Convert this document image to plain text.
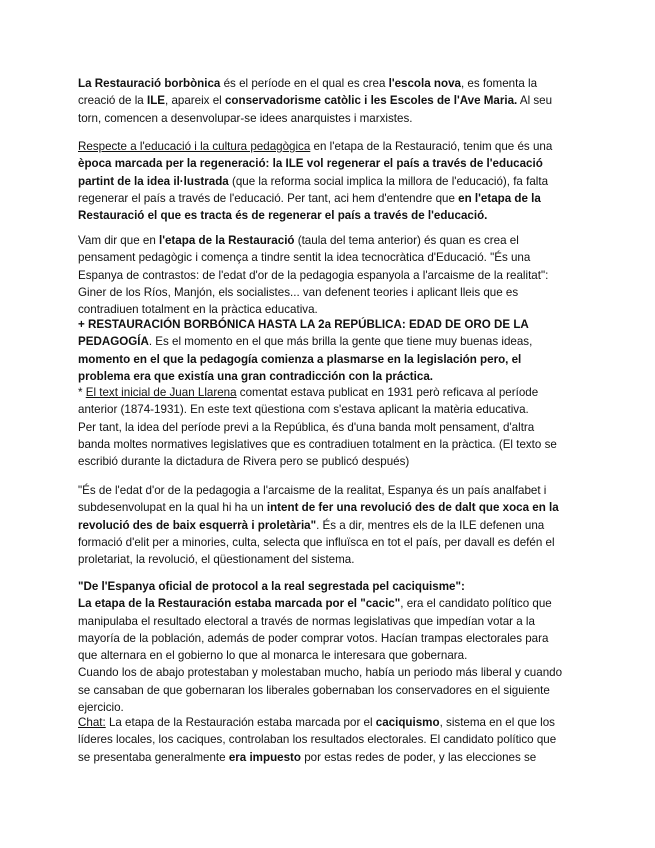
La Restauració borbònica és el període en el qual es crea l'escola nova, es fomenta la creació de la ILE, apareix el conservadorisme catòlic i les Escoles de l'Ave Maria. Al seu torn, comencen a desenvolupar-se idees anarquistes i marxistes.

Respecte a l'educació i la cultura pedagògica en l'etapa de la Restauració, tenim que és una època marcada per la regeneració: la ILE vol regenerar el país a través de l'educació partint de la idea il·lustrada (que la reforma social implica la millora de l'educació), fa falta regenerar el país a través de l'educació. Per tant, aci hem d'entendre que en l'etapa de la Restauració el que es tracta és de regenerar el país a través de l'educació.

Vam dir que en l'etapa de la Restauració (taula del tema anterior) és quan es crea el pensament pedagògic i comença a tindre sentit la idea tecnocràtica d'Educació. "És una Espanya de contrastos: de l'edat d'or de la pedagogia espanyola a l'arcaisme de la realitat": Giner de los Ríos, Manjón, els socialistes... van defenent teories i aplicant lleis que es contradiuen totalment en la pràctica educativa.

+ RESTAURACIÓN BORBÓNICA HASTA LA 2a REPÚBLICA: EDAD DE ORO DE LA PEDAGOGÍA. Es el momento en el que más brilla la gente que tiene muy buenas ideas, momento en el que la pedagogía comienza a plasmarse en la legislación pero, el problema era que existía una gran contradicción con la práctica.

* El text inicial de Juan Llarena comentat estava publicat en 1931 però reficava al període anterior (1874-1931). En este text qüestiona com s'estava aplicant la matèria educativa.
Per tant, la idea del període previ a la República, és d'una banda molt pensament, d'altra banda moltes normatives legislatives que es contradiuen totalment en la pràctica. (El texto se escribió durante la dictadura de Rivera pero se publicó después)

"És de l'edat d'or de la pedagogia a l'arcaisme de la realitat, Espanya és un país analfabet i subdesenvolupat en la qual hi ha un intent de fer una revolució des de dalt que xoca en la revolució des de baix esquerrà i proletària". És a dir, mentres els de la ILE defenen una formació d'elit per a minories, culta, selecta que influïsca en tot el país, per davall es defén el proletariat, la revolució, el qüestionament del sistema.

"De l'Espanya oficial de protocol a la real segrestada pel caciquisme":
La etapa de la Restauración estaba marcada por el "cacic", era el candidato político que manipulaba el resultado electoral a través de normas legislativas que impedían votar a la mayoría de la población, además de poder comprar votos. Hacían trampas electorales para que alternara en el gobierno lo que al monarca le interesara que gobernara.
Cuando los de abajo protestaban y molestaban mucho, había un periodo más liberal y cuando se cansaban de que gobernaran los liberales gobernaban los conservadores en el siguiente ejercicio.

Chat: La etapa de la Restauración estaba marcada por el caciquismo, sistema en el que los líderes locales, los caciques, controlaban los resultados electorales. El candidato político que se presentaba generalmente era impuesto por estas redes de poder, y las elecciones se
